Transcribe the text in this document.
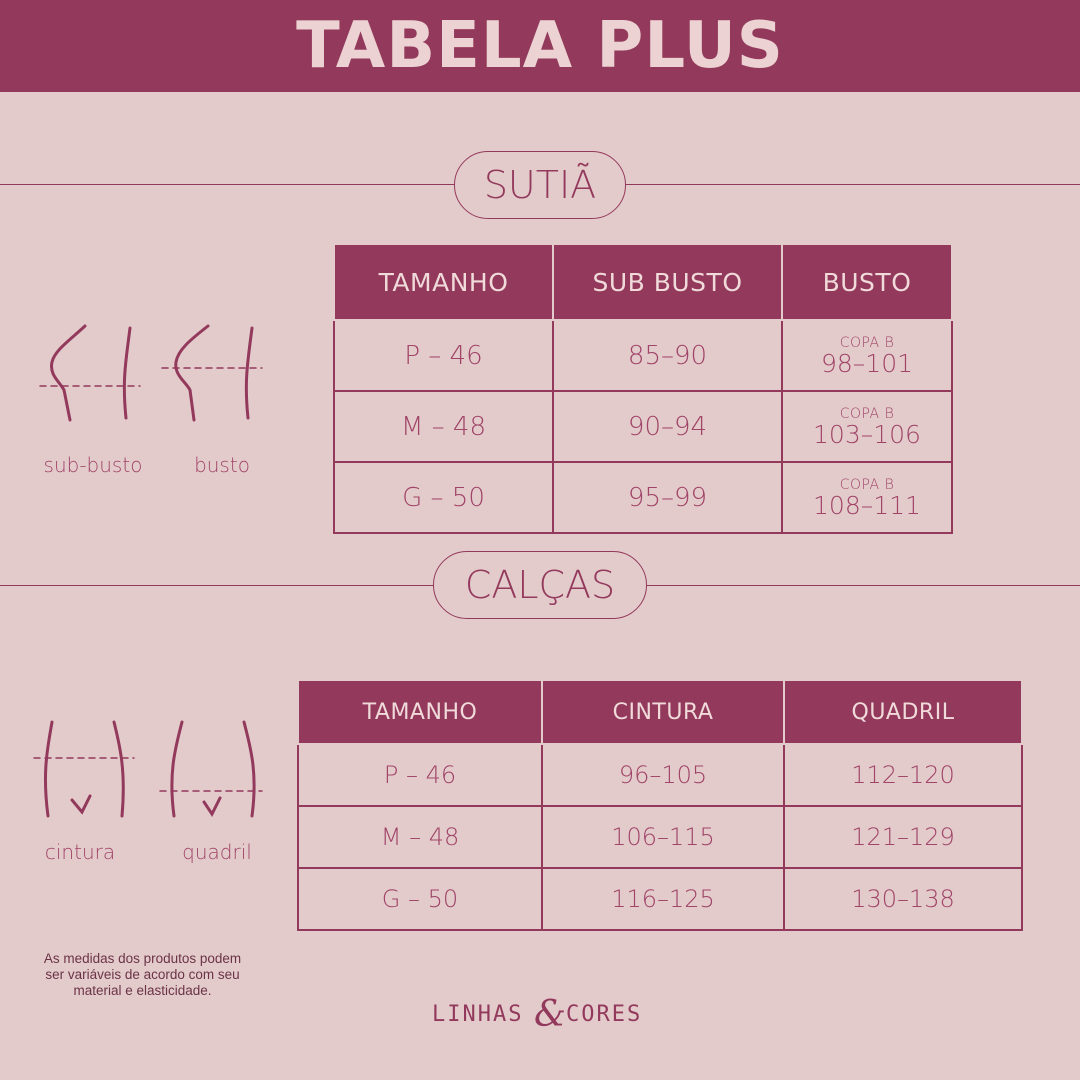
TABELA PLUS
SUTIÃ
sub-busto	busto
TAMANHO	SUB BUSTO	BUSTO
P – 46	85–90	COPA B
98–101

M – 48	90–94	COPA B
103–106

G – 50	95–99	COPA B
108–111
CALÇAS
cintura	quadril
TAMANHO	CINTURA	QUADRIL
P – 46	96–105	112–120
M – 48	106–115	121–129
G – 50	116–125	130–138
As medidas dos produtos podem ser variáveis de acordo com seu material e elasticidade.
LINHAS & CORES
